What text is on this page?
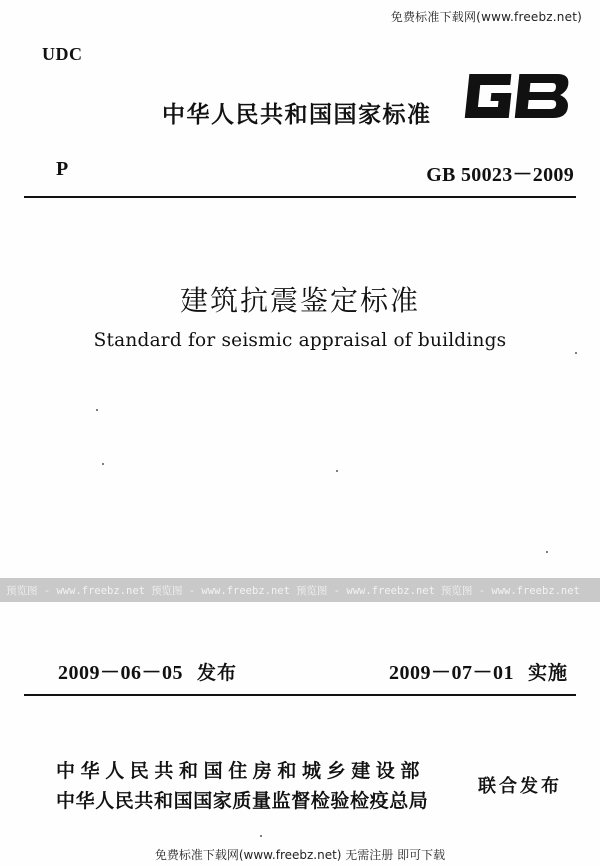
免费标准下载网(www.freebz.net)
UDC
中华人民共和国国家标准
P	GB 50023－2009
建筑抗震鉴定标准
Standard for seismic appraisal of buildings
预览图 - www.freebz.net 预览图 - www.freebz.net 预览图 - www.freebz.net 预览图 - www.freebz.net
2009－06－05 发布	2009－07－01 实施
中华人民共和国住房和城乡建设部
中华人民共和国国家质量监督检验检疫总局
联合发布
免费标准下载网(www.freebz.net) 无需注册 即可下载
